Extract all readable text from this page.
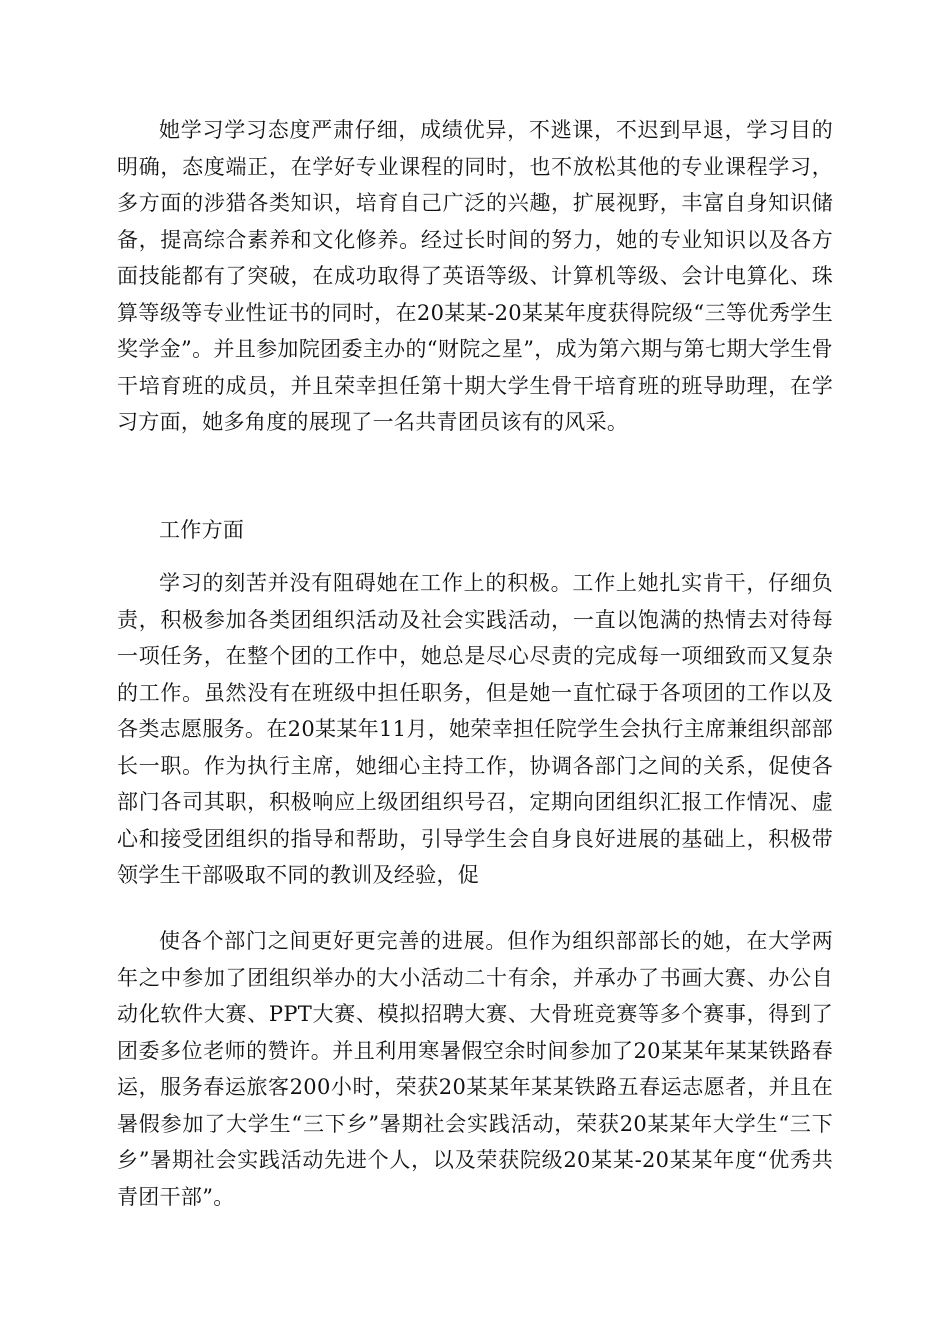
她学习学习态度严肃仔细，成绩优异，不逃课，不迟到早退，学习目的明确，态度端正，在学好专业课程的同时，也不放松其他的专业课程学习，多方面的涉猎各类知识，培育自己广泛的兴趣，扩展视野，丰富自身知识储备，提高综合素养和文化修养。经过长时间的努力，她的专业知识以及各方面技能都有了突破，在成功取得了英语等级、计算机等级、会计电算化、珠算等级等专业性证书的同时，在20某某-20某某年度获得院级“三等优秀学生奖学金”。并且参加院团委主办的“财院之星”，成为第六期与第七期大学生骨干培育班的成员，并且荣幸担任第十期大学生骨干培育班的班导助理，在学习方面，她多角度的展现了一名共青团员该有的风采。

工作方面

学习的刻苦并没有阻碍她在工作上的积极。工作上她扎实肯干，仔细负责，积极参加各类团组织活动及社会实践活动，一直以饱满的热情去对待每一项任务，在整个团的工作中，她总是尽心尽责的完成每一项细致而又复杂的工作。虽然没有在班级中担任职务，但是她一直忙碌于各项团的工作以及各类志愿服务。在20某某年11月，她荣幸担任院学生会执行主席兼组织部部长一职。作为执行主席，她细心主持工作，协调各部门之间的关系，促使各部门各司其职，积极响应上级团组织号召，定期向团组织汇报工作情况、虚心和接受团组织的指导和帮助，引导学生会自身良好进展的基础上，积极带领学生干部吸取不同的教训及经验，促

使各个部门之间更好更完善的进展。但作为组织部部长的她，在大学两年之中参加了团组织举办的大小活动二十有余，并承办了书画大赛、办公自动化软件大赛、PPT大赛、模拟招聘大赛、大骨班竞赛等多个赛事，得到了团委多位老师的赞许。并且利用寒暑假空余时间参加了20某某年某某铁路春运，服务春运旅客200小时，荣获20某某年某某铁路五春运志愿者，并且在暑假参加了大学生“三下乡”暑期社会实践活动，荣获20某某年大学生“三下乡”暑期社会实践活动先进个人，以及荣获院级20某某-20某某年度“优秀共青团干部”。
